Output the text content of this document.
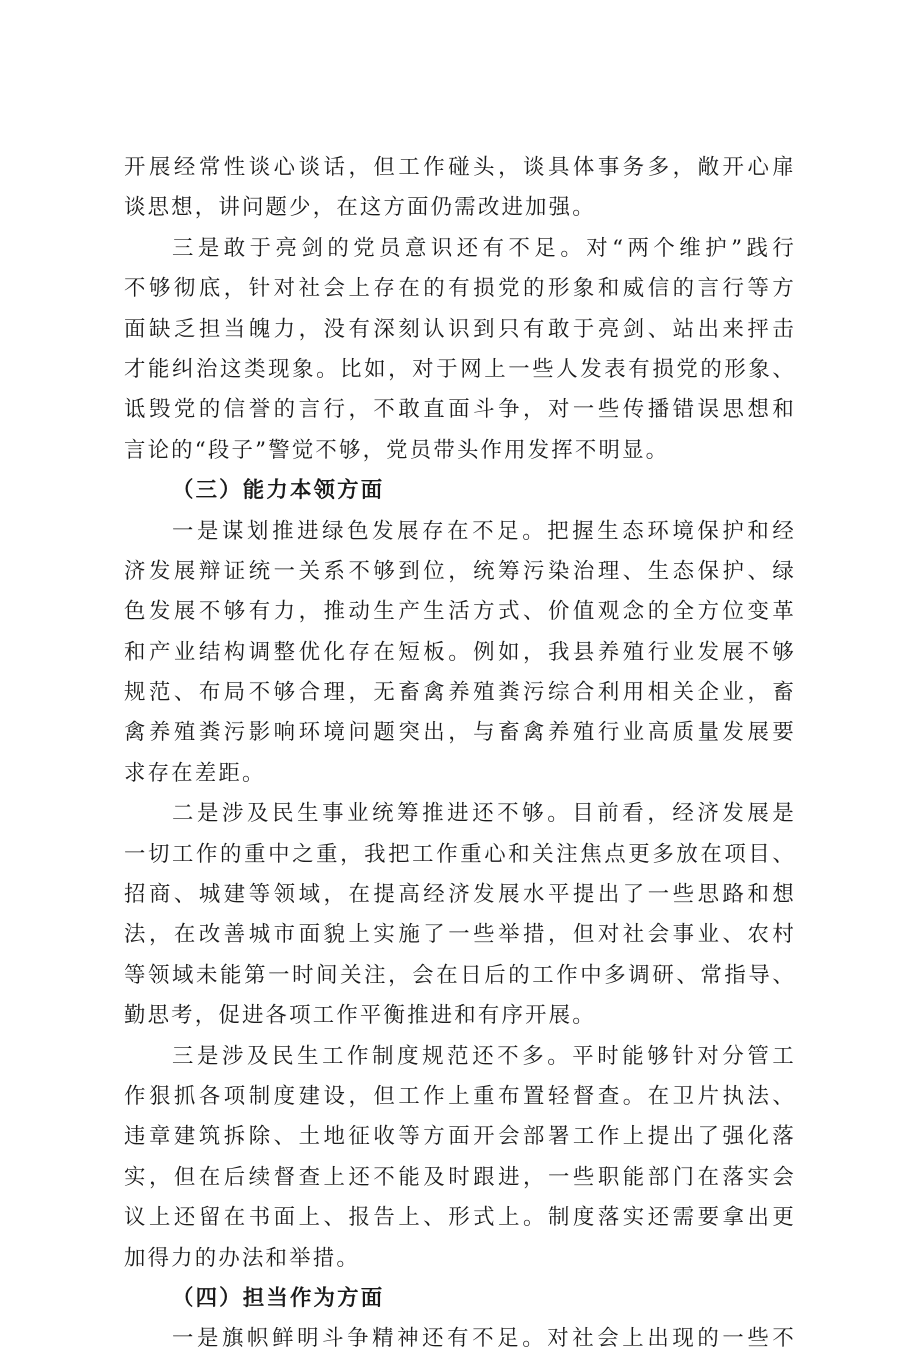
开展经常性谈心谈话，但工作碰头，谈具体事务多，敞开心扉
谈思想，讲问题少，在这方面仍需改进加强。
三是敢于亮剑的党员意识还有不足。对“两个维护”践行
不够彻底，针对社会上存在的有损党的形象和威信的言行等方
面缺乏担当魄力，没有深刻认识到只有敢于亮剑、站出来抨击
才能纠治这类现象。比如，对于网上一些人发表有损党的形象、
诋毁党的信誉的言行，不敢直面斗争，对一些传播错误思想和
言论的“段子”警觉不够，党员带头作用发挥不明显。
（三）能力本领方面
一是谋划推进绿色发展存在不足。把握生态环境保护和经
济发展辩证统一关系不够到位，统筹污染治理、生态保护、绿
色发展不够有力，推动生产生活方式、价值观念的全方位变革
和产业结构调整优化存在短板。例如，我县养殖行业发展不够
规范、布局不够合理，无畜禽养殖粪污综合利用相关企业，畜
禽养殖粪污影响环境问题突出，与畜禽养殖行业高质量发展要
求存在差距。
二是涉及民生事业统筹推进还不够。目前看，经济发展是
一切工作的重中之重，我把工作重心和关注焦点更多放在项目、
招商、城建等领域，在提高经济发展水平提出了一些思路和想
法，在改善城市面貌上实施了一些举措，但对社会事业、农村
等领域未能第一时间关注，会在日后的工作中多调研、常指导、
勤思考，促进各项工作平衡推进和有序开展。
三是涉及民生工作制度规范还不多。平时能够针对分管工
作狠抓各项制度建设，但工作上重布置轻督查。在卫片执法、
违章建筑拆除、土地征收等方面开会部署工作上提出了强化落
实，但在后续督查上还不能及时跟进，一些职能部门在落实会
议上还留在书面上、报告上、形式上。制度落实还需要拿出更
加得力的办法和举措。
（四）担当作为方面
一是旗帜鲜明斗争精神还有不足。对社会上出现的一些不
